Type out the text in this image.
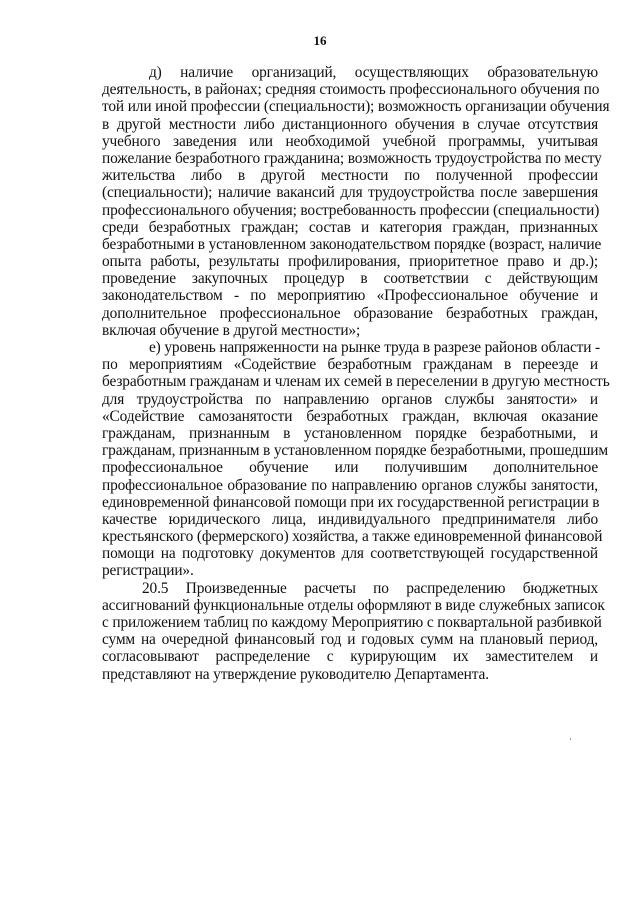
16
д) наличие организаций, осуществляющих образовательную
деятельность, в районах; средняя стоимость профессионального обучения по
той или иной профессии (специальности); возможность организации обучения
в другой местности либо дистанционного обучения в случае отсутствия
учебного заведения или необходимой учебной программы, учитывая
пожелание безработного гражданина; возможность трудоустройства по месту
жительства либо в другой местности по полученной профессии
(специальности); наличие вакансий для трудоустройства после завершения
профессионального обучения; востребованность профессии (специальности)
среди безработных граждан; состав и категория граждан, признанных
безработными в установленном законодательством порядке (возраст, наличие
опыта работы, результаты профилирования, приоритетное право и др.);
проведение закупочных процедур в соответствии с действующим
законодательством - по мероприятию «Профессиональное обучение и
дополнительное профессиональное образование безработных граждан,
включая обучение в другой местности»;
е) уровень напряженности на рынке труда в разрезе районов области -
по мероприятиям «Содействие безработным гражданам в переезде и
безработным гражданам и членам их семей в переселении в другую местность
для трудоустройства по направлению органов службы занятости» и
«Содействие самозанятости безработных граждан, включая оказание
гражданам, признанным в установленном порядке безработными, и
гражданам, признанным в установленном порядке безработными, прошедшим
профессиональное обучение или получившим дополнительное
профессиональное образование по направлению органов службы занятости,
единовременной финансовой помощи при их государственной регистрации в
качестве юридического лица, индивидуального предпринимателя либо
крестьянского (фермерского) хозяйства, а также единовременной финансовой
помощи на подготовку документов для соответствующей государственной
регистрации».
20.5 Произведенные расчеты по распределению бюджетных
ассигнований функциональные отделы оформляют в виде служебных записок
с приложением таблиц по каждому Мероприятию с поквартальной разбивкой
сумм на очередной финансовый год и годовых сумм на плановый период,
согласовывают распределение с курирующим их заместителем и
представляют на утверждение руководителю Департамента.
